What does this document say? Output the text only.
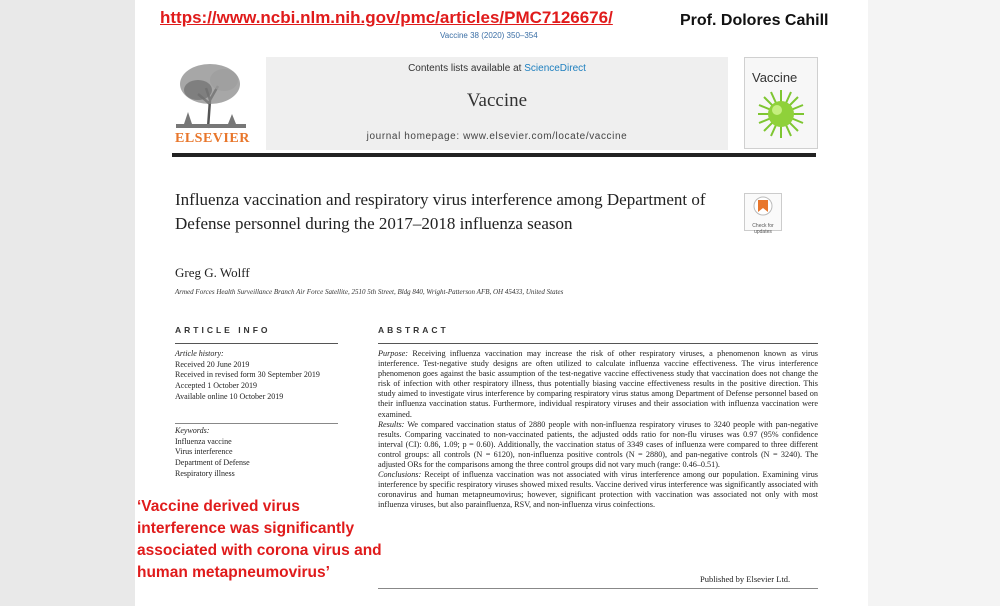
https://www.ncbi.nlm.nih.gov/pmc/articles/PMC7126676/	Prof. Dolores Cahill
Vaccine 38 (2020) 350–354
ELSEVIER
Contents lists available at ScienceDirect
Vaccine
journal homepage: www.elsevier.com/locate/vaccine
Vaccine
Influenza vaccination and respiratory virus interference among Department of Defense personnel during the 2017–2018 influenza season	Check for updates
Greg G. Wolff
Armed Forces Health Surveillance Branch Air Force Satellite, 2510 5th Street, Bldg 840, Wright-Patterson AFB, OH 45433, United States
ARTICLE INFO	ABSTRACT
Article history:
Received 20 June 2019
Received in revised form 30 September 2019
Accepted 1 October 2019
Available online 10 October 2019
Keywords:
Influenza vaccine
Virus interference
Department of Defense
Respiratory illness
Purpose: Receiving influenza vaccination may increase the risk of other respiratory viruses, a phenomenon known as virus interference. Test-negative study designs are often utilized to calculate influenza vaccine effectiveness. The virus interference phenomenon goes against the basic assumption of the test-negative vaccine effectiveness study that vaccination does not change the risk of infection with other respiratory illness, thus potentially biasing vaccine effectiveness results in the positive direction. This study aimed to investigate virus interference by comparing respiratory virus status among Department of Defense personnel based on their influenza vaccination status. Furthermore, individual respiratory viruses and their association with influenza vaccination were examined.
Results: We compared vaccination status of 2880 people with non-influenza respiratory viruses to 3240 people with pan-negative results. Comparing vaccinated to non-vaccinated patients, the adjusted odds ratio for non-flu viruses was 0.97 (95% confidence interval (CI): 0.86, 1.09; p = 0.60). Additionally, the vaccination status of 3349 cases of influenza were compared to three different control groups: all controls (N = 6120), non-influenza positive controls (N = 2880), and pan-negative controls (N = 3240). The adjusted ORs for the comparisons among the three control groups did not vary much (range: 0.46–0.51).
Conclusions: Receipt of influenza vaccination was not associated with virus interference among our population. Examining virus interference by specific respiratory viruses showed mixed results. Vaccine derived virus interference was significantly associated with coronavirus and human metapneumovirus; however, significant protection with vaccination was associated not only with most influenza viruses, but also parainfluenza, RSV, and non-influenza virus coinfections.
Published by Elsevier Ltd.
‘Vaccine derived virus interference was significantly associated with corona virus and human metapneumovirus’
